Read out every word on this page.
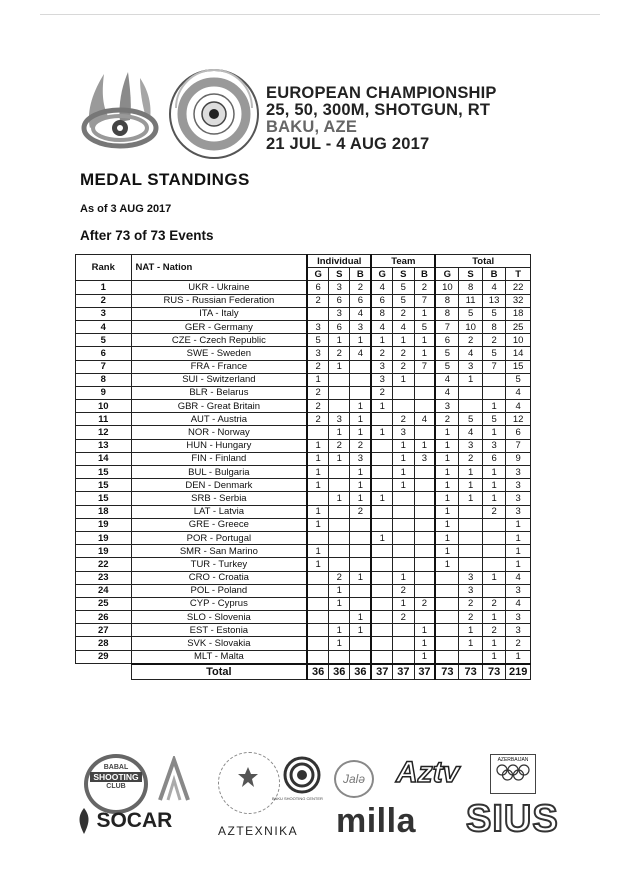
EUROPEAN CHAMPIONSHIP
25, 50, 300M, SHOTGUN, RT
BAKU, AZE
21 JUL - 4 AUG 2017
MEDAL STANDINGS
As of 3 AUG 2017
After 73 of 73 Events
Rank	NAT - Nation	Individual			Team			Total			
		G	S	B	G	S	B	G	S	B	T
1	UKR - Ukraine	6	3	2	4	5	2	10	8	4	22
2	RUS - Russian Federation	2	6	6	6	5	7	8	11	13	32
3	ITA - Italy		3	4	8	2	1	8	5	5	18
4	GER - Germany	3	6	3	4	4	5	7	10	8	25
5	CZE - Czech Republic	5	1	1	1	1	1	6	2	2	10
6	SWE - Sweden	3	2	4	2	2	1	5	4	5	14
7	FRA - France	2	1		3	2	7	5	3	7	15
8	SUI - Switzerland	1			3	1		4	1		5
9	BLR - Belarus	2			2			4			4
10	GBR - Great Britain	2		1	1			3		1	4
11	AUT - Austria	2	3	1		2	4	2	5	5	12
12	NOR - Norway		1	1	1	3		1	4	1	6
13	HUN - Hungary	1	2	2		1	1	1	3	3	7
14	FIN - Finland	1	1	3		1	3	1	2	6	9
15	BUL - Bulgaria	1		1		1		1	1	1	3
15	DEN - Denmark	1		1		1		1	1	1	3
15	SRB - Serbia		1	1	1			1	1	1	3
18	LAT - Latvia	1		2				1		2	3
19	GRE - Greece	1						1			1
19	POR - Portugal				1			1			1
19	SMR - San Marino	1						1			1
22	TUR - Turkey	1						1			1
23	CRO - Croatia		2	1		1			3	1	4
24	POL - Poland		1			2			3		3
25	CYP - Cyprus		1			1	2		2	2	4
26	SLO - Slovenia			1		2			2	1	3
27	EST - Estonia		1	1			1		1	2	3
28	SVK - Slovakia		1				1		1	1	2
29	MLT - Malta						1			1	1
	Total	36	36	36	37	37	37	73	73	73	219
BABAL
SHOOTING
CLUB
SOCAR	AZTEXNIKA
BAKU SHOOTING CENTER
Jalə	Aztv
milla
AZERBAIJAN
SIUS
